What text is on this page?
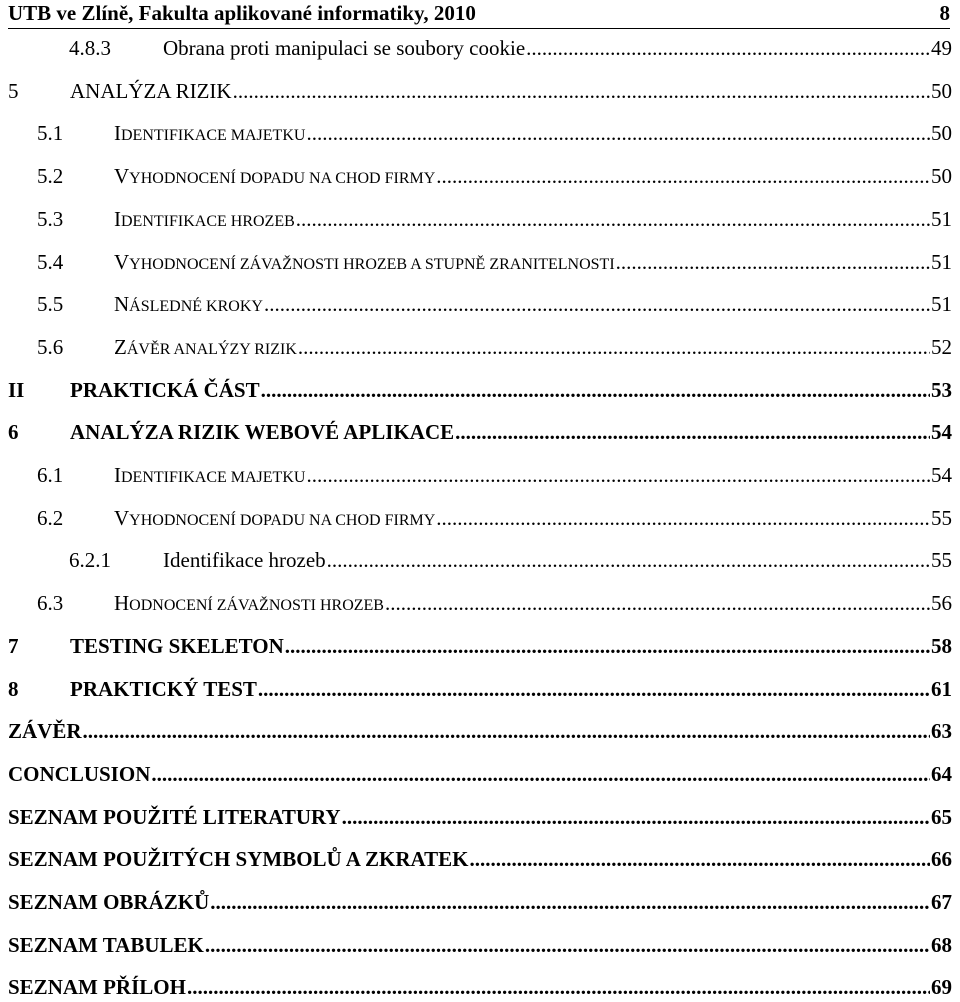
UTB ve Zlíně, Fakulta aplikované informatiky, 2010	8
4.8.3	Obrana proti manipulaci se soubory cookie .....	49
5	ANALÝZA RIZIK .....	50
5.1	IDENTIFIKACE MAJETKU .....	50
5.2	VYHODNOCENÍ DOPADU NA CHOD FIRMY .....	50
5.3	IDENTIFIKACE HROZEB .....	51
5.4	VYHODNOCENÍ ZÁVAŽNOSTI HROZEB A STUPNĚ ZRANITELNOSTI .....	51
5.5	NÁSLEDNÉ KROKY .....	51
5.6	ZÁVĚR ANALÝZY RIZIK .....	52
II	PRAKTICKÁ ČÁST .....	53
6	ANALÝZA RIZIK WEBOVÉ APLIKACE .....	54
6.1	IDENTIFIKACE MAJETKU .....	54
6.2	VYHODNOCENÍ DOPADU NA CHOD FIRMY .....	55
6.2.1	Identifikace hrozeb .....	55
6.3	HODNOCENÍ ZÁVAŽNOSTI HROZEB .....	56
7	TESTING SKELETON .....	58
8	PRAKTICKÝ TEST .....	61
ZÁVĚR .....	63
CONCLUSION .....	64
SEZNAM POUŽITÉ LITERATURY .....	65
SEZNAM POUŽITÝCH SYMBOLŮ A ZKRATEK .....	66
SEZNAM OBRÁZKŮ .....	67
SEZNAM TABULEK .....	68
SEZNAM PŘÍLOH .....	69
